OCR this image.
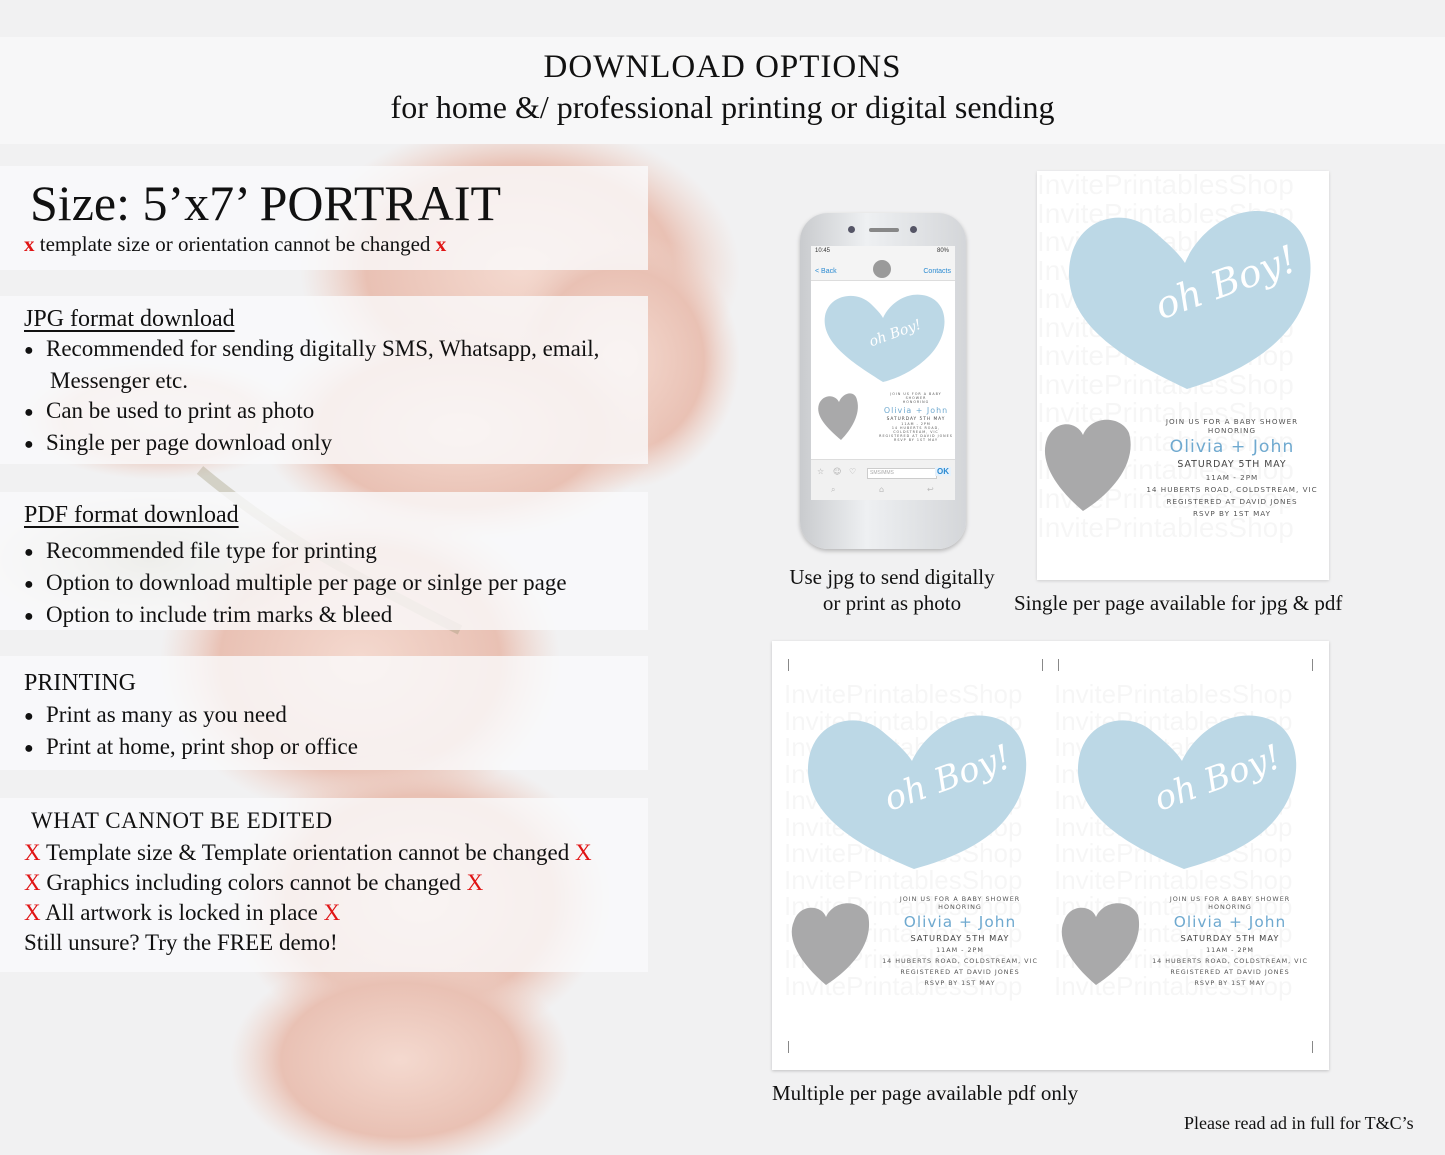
DOWNLOAD OPTIONS
for home &/ professional printing or digital sending
Size: 5’x7’ PORTRAIT
x template size or orientation cannot be changed x
JPG format download
● Recommended for sending digitally SMS, Whatsapp, email,
Messenger etc.
● Can be used to print as photo
● Single per page download only
PDF format download
● Recommended file type for printing
● Option to download multiple per page or sinlge per page
● Option to include trim marks & bleed
PRINTING
● Print as many as you need
● Print at home, print shop or office
WHAT CANNOT BE EDITED
X Template size & Template orientation cannot be changed X
X Graphics including colors cannot be changed X
X All artwork is locked in place X
Still unsure? Try the FREE demo!
10:45	80%
< Back	Contacts
oh Boy!
JOIN US FOR A BABY SHOWER
HONORING
Olivia + John
SATURDAY 5TH MAY
11AM - 2PM
14 HUBERTS ROAD, COLDSTREAM, VIC
REGISTERED AT DAVID JONES
RSVP BY 1ST MAY
☆ ☺ ♡	SMS/MMS	OK
⌕	⌂	↩
Use jpg to send digitally
or print as photo
oh Boy!
JOIN US FOR A BABY SHOWER
HONORING
Olivia + John
SATURDAY 5TH MAY
11AM - 2PM
14 HUBERTS ROAD, COLDSTREAM, VIC
REGISTERED AT DAVID JONES
RSVP BY 1ST MAY
Single per page available for jpg & pdf
oh Boy!
JOIN US FOR A BABY SHOWER
HONORING
Olivia + John
SATURDAY 5TH MAY
11AM - 2PM
14 HUBERTS ROAD, COLDSTREAM, VIC
REGISTERED AT DAVID JONES
RSVP BY 1ST MAY
oh Boy!
JOIN US FOR A BABY SHOWER
HONORING
Olivia + John
SATURDAY 5TH MAY
11AM - 2PM
14 HUBERTS ROAD, COLDSTREAM, VIC
REGISTERED AT DAVID JONES
RSVP BY 1ST MAY
Multiple per page available pdf only
Please read ad in full for T&C’s
